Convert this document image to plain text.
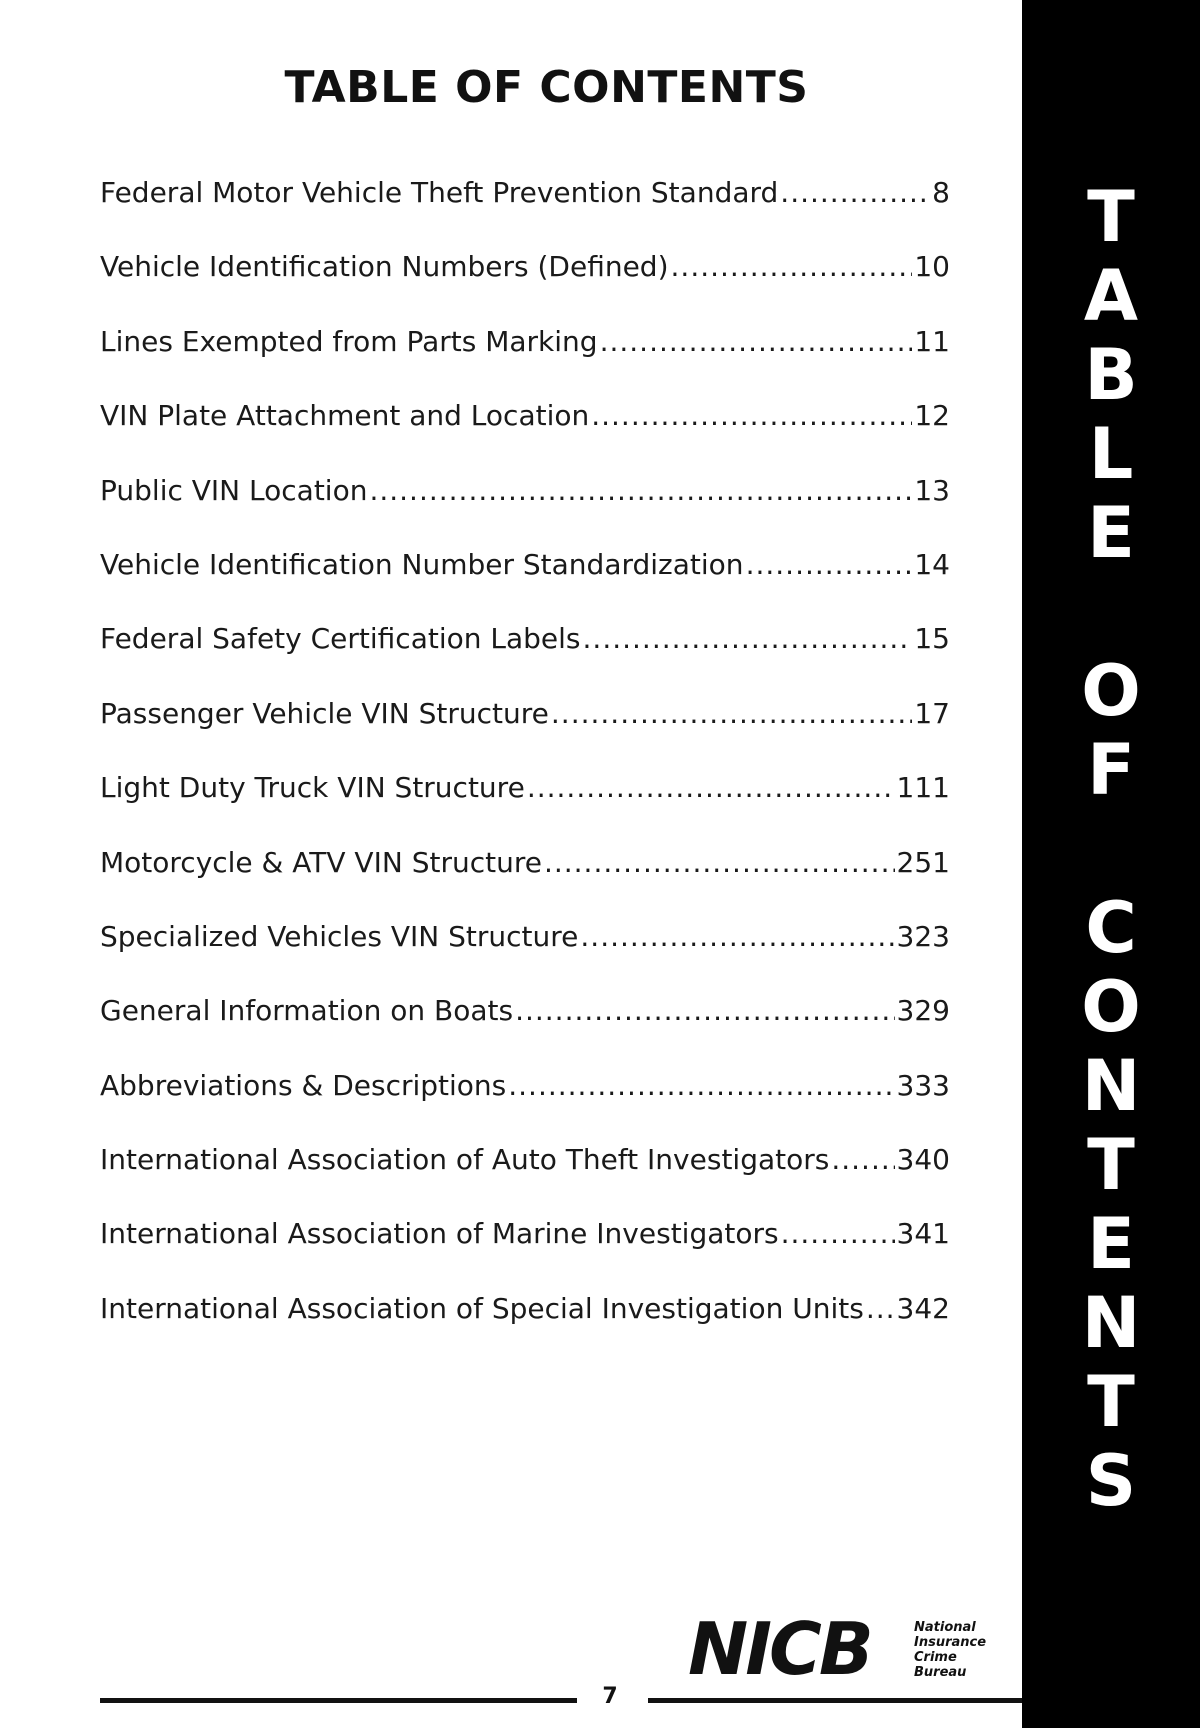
TABLE OF CONTENTS
Federal Motor Vehicle Theft Prevention Standard .....	8
Vehicle Identification Numbers (Defined) .....	10
Lines Exempted from Parts Marking .....	11
VIN Plate Attachment and Location .....	12
Public VIN Location .....	13
Vehicle Identification Number Standardization .....	14
Federal Safety Certification Labels .....	15
Passenger Vehicle VIN Structure .....	17
Light Duty Truck VIN Structure .....	111
Motorcycle & ATV VIN Structure .....	251
Specialized Vehicles VIN Structure .....	323
General Information on Boats .....	329
Abbreviations & Descriptions .....	333
International Association of Auto Theft Investigators ..... 340
International Association of Marine Investigators .....	341
International Association of Special Investigation Units ..... 342
T
A
B
L
E
O
F
C
O
N
T
E
N
T
S
NICB	National
Insurance
Crime
Bureau
7
